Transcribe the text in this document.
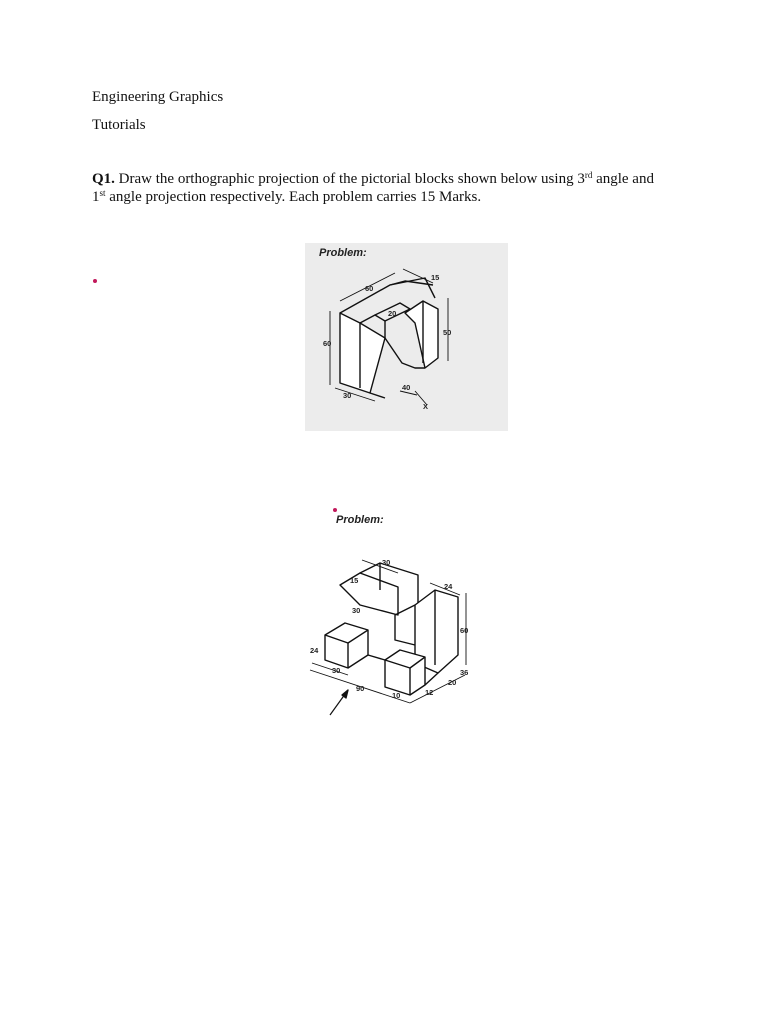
Engineering Graphics
Tutorials
Q1. Draw the orthographic projection of the pictorial blocks shown below using 3rd angle and
1st angle projection respectively. Each problem carries 15 Marks.
Problem:
60
15
20
50
60
30
40
X
Problem:
30
15
30
24
60
24
30
90
10	12
20
36
